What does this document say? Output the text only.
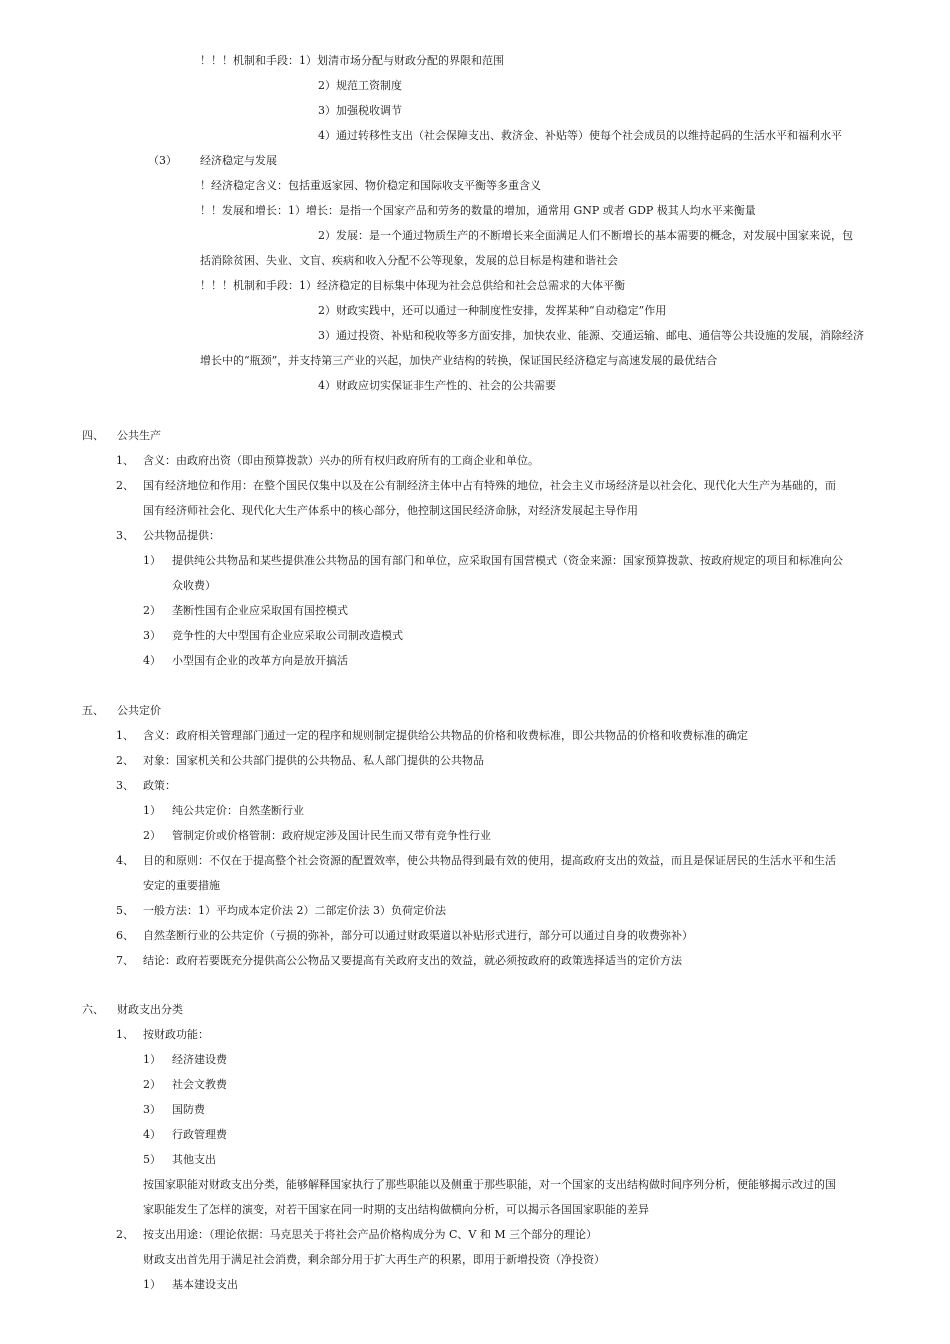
！！！机制和手段：1）划清市场分配与财政分配的界限和范围
2）规范工资制度
3）加强税收调节
4）通过转移性支出（社会保障支出、救济金、补贴等）使每个社会成员的以维持起码的生活水平和福利水平
（3） 经济稳定与发展
！经济稳定含义：包括重返家园、物价稳定和国际收支平衡等多重含义
！！发展和增长：1）增长：是指一个国家产品和劳务的数量的增加，通常用 GNP 或者 GDP 极其人均水平来衡量
2）发展：是一个通过物质生产的不断增长来全面满足人们不断增长的基本需要的概念，对发展中国家来说，包
括消除贫困、失业、文盲、疾病和收入分配不公等现象，发展的总目标是构建和谐社会
！！！机制和手段：1）经济稳定的目标集中体现为社会总供给和社会总需求的大体平衡
2）财政实践中，还可以通过一种制度性安排，发挥某种“自动稳定”作用
3）通过投资、补贴和税收等多方面安排，加快农业、能源、交通运输、邮电、通信等公共设施的发展，消除经济
增长中的“瓶颈”，并支持第三产业的兴起，加快产业结构的转换，保证国民经济稳定与高速发展的最优结合
4）财政应切实保证非生产性的、社会的公共需要
四、 公共生产
1、 含义：由政府出资（即由预算拨款）兴办的所有权归政府所有的工商企业和单位。
2、 国有经济地位和作用：在整个国民仅集中以及在公有制经济主体中占有特殊的地位，社会主义市场经济是以社会化、现代化大生产为基础的，而
国有经济师社会化、现代化大生产体系中的核心部分，他控制这国民经济命脉，对经济发展起主导作用
3、 公共物品提供：
1） 提供纯公共物品和某些提供准公共物品的国有部门和单位，应采取国有国营模式（资金来源：国家预算拨款、按政府规定的项目和标准向公
众收费）
2） 垄断性国有企业应采取国有国控模式
3） 竞争性的大中型国有企业应采取公司制改造模式
4） 小型国有企业的改革方向是放开搞活
五、 公共定价
1、 含义：政府相关管理部门通过一定的程序和规则制定提供给公共物品的价格和收费标准，即公共物品的价格和收费标准的确定
2、 对象：国家机关和公共部门提供的公共物品、私人部门提供的公共物品
3、 政策：
1） 纯公共定价：自然垄断行业
2） 管制定价或价格管制：政府规定涉及国计民生而又带有竞争性行业
4、 目的和原则：不仅在于提高整个社会资源的配置效率，使公共物品得到最有效的使用，提高政府支出的效益，而且是保证居民的生活水平和生活
安定的重要措施
5、 一般方法：1）平均成本定价法 2）二部定价法 3）负荷定价法
6、 自然垄断行业的公共定价（亏损的弥补，部分可以通过财政渠道以补贴形式进行，部分可以通过自身的收费弥补）
7、 结论：政府若要既充分提供高公公物品又要提高有关政府支出的效益，就必须按政府的政策选择适当的定价方法
六、 财政支出分类
1、 按财政功能：
1） 经济建设费
2） 社会文教费
3） 国防费
4） 行政管理费
5） 其他支出
按国家职能对财政支出分类，能够解释国家执行了那些职能以及侧重于那些职能，对一个国家的支出结构做时间序列分析，便能够揭示改过的国
家职能发生了怎样的演变，对若干国家在同一时期的支出结构做横向分析，可以揭示各国国家职能的差异
2、 按支出用途：（理论依据：马克思关于将社会产品价格构成分为 C、V 和 M 三个部分的理论）
财政支出首先用于满足社会消费，剩余部分用于扩大再生产的积累，即用于新增投资（净投资）
1） 基本建设支出
